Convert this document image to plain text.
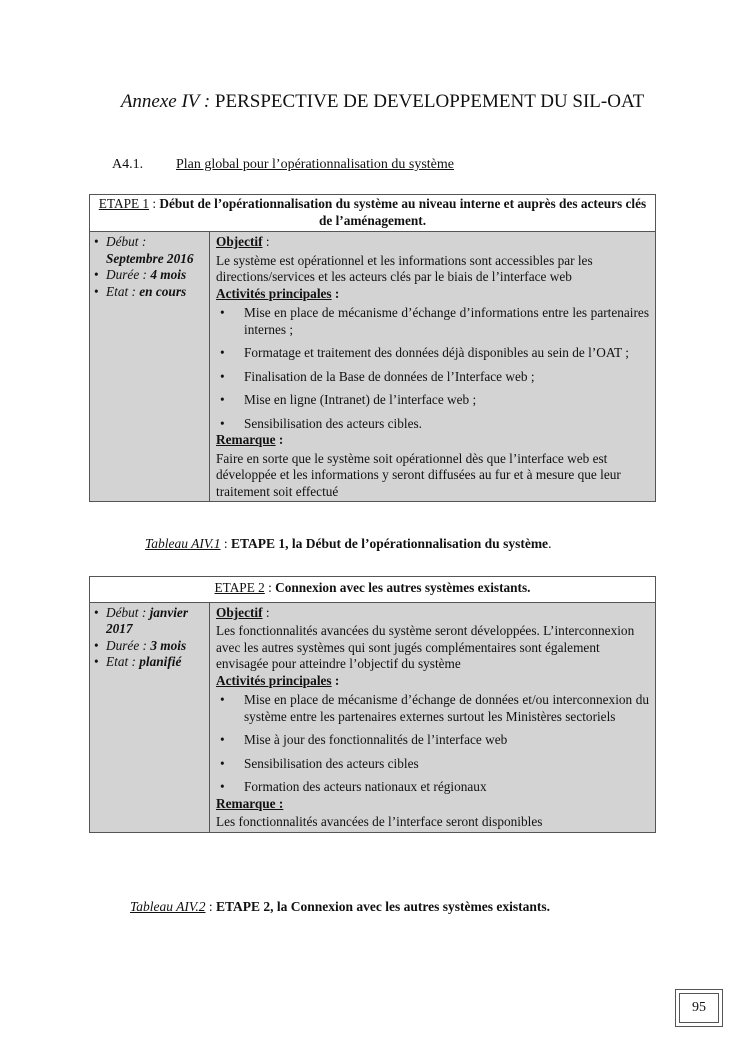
Annexe IV : PERSPECTIVE DE DEVELOPPEMENT DU SIL-OAT
A4.1. Plan global pour l’opérationnalisation du système
ETAPE 1 : Début de l’opérationnalisation du système au niveau interne et auprès des acteurs clés de l’aménagement.

• Début :
Septembre 2016
• Durée : 4 mois
• Etat : en cours

Objectif :
Le système est opérationnel et les informations sont accessibles par les directions/services et les acteurs clés par le biais de l’interface web
Activités principales :
• Mise en place de mécanisme d’échange d’informations entre les partenaires internes ;
• Formatage et traitement des données déjà disponibles au sein de l’OAT ;
• Finalisation de la Base de données de l’Interface web ;
• Mise en ligne (Intranet) de l’interface web ;
• Sensibilisation des acteurs cibles.
Remarque :
Faire en sorte que le système soit opérationnel dès que l’interface web est développée et les informations y seront diffusées au fur et à mesure que leur traitement soit effectué
Tableau AIV.1 : ETAPE 1, la Début de l’opérationnalisation du système.
ETAPE 2 : Connexion avec les autres systèmes existants.

• Début : janvier 2017
• Durée : 3 mois
• Etat : planifié

Objectif :
Les fonctionnalités avancées du système seront développées. L’interconnexion avec les autres systèmes qui sont jugés complémentaires sont également envisagée pour atteindre l’objectif du système
Activités principales :
• Mise en place de mécanisme d’échange de données et/ou interconnexion du système entre les partenaires externes surtout les Ministères sectoriels
• Mise à jour des fonctionnalités de l’interface web
• Sensibilisation des acteurs cibles
• Formation des acteurs nationaux et régionaux
Remarque :
Les fonctionnalités avancées de l’interface seront disponibles
Tableau AIV.2 : ETAPE 2, la Connexion avec les autres systèmes existants.
95
